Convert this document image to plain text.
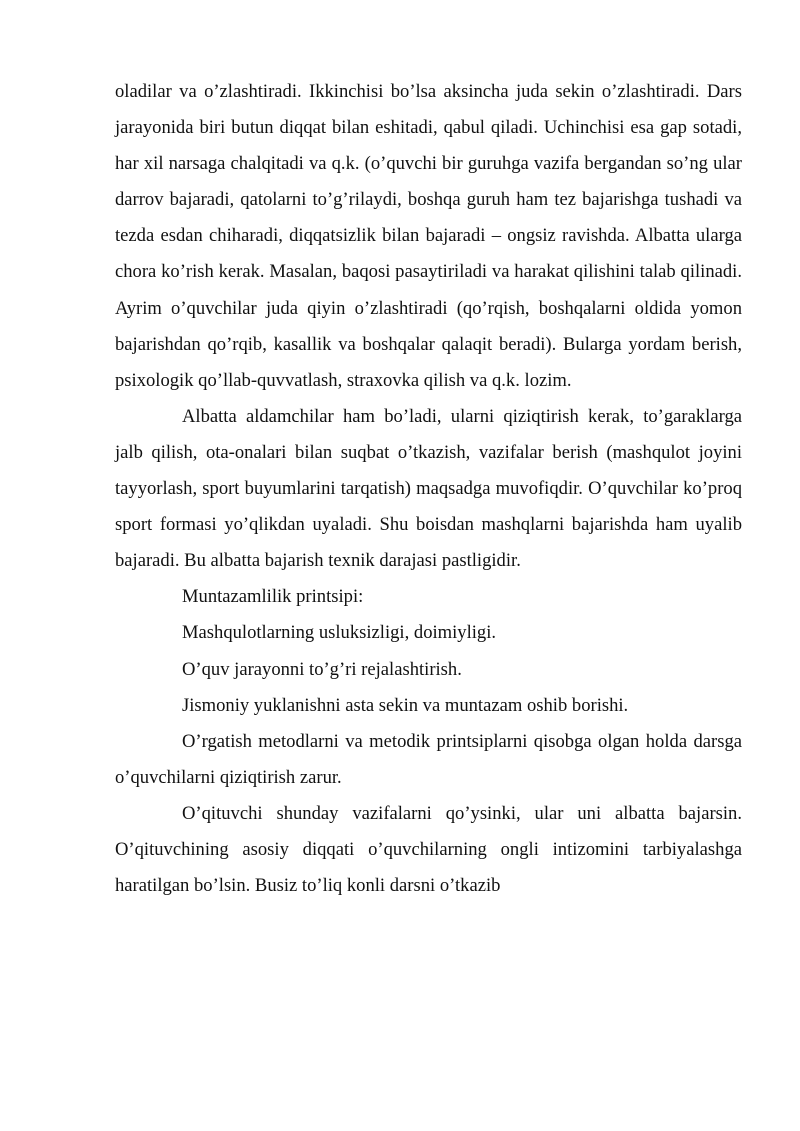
oladilar va o’zlashtiradi. Ikkinchisi bo’lsa aksincha juda sekin o’zlashtiradi. Dars jarayonida biri butun diqqat bilan eshitadi, qabul qiladi. Uchinchisi esa gap sotadi, har xil narsaga chalqitadi va q.k. (o’quvchi bir guruhga vazifa bergandan so’ng ular darrov bajaradi, qatolarni to’g’rilaydi, boshqa guruh ham tez bajarishga tushadi va tezda esdan chiharadi, diqqatsizlik bilan bajaradi – ongsiz ravishda. Albatta ularga chora ko’rish kerak. Masalan, baqosi pasaytiriladi va harakat qilishini talab qilinadi. Ayrim o’quvchilar juda qiyin o’zlashtiradi (qo’rqish, boshqalarni oldida yomon bajarishdan qo’rqib, kasallik va boshqalar qalaqit beradi). Bularga yordam berish, psixologik qo’llab-quvvatlash, straxovka qilish va q.k. lozim.

Albatta aldamchilar ham bo’ladi, ularni qiziqtirish kerak, to’garaklarga jalb qilish, ota-onalari bilan suqbat o’tkazish, vazifalar berish (mashqulot joyini tayyorlash, sport buyumlarini tarqatish) maqsadga muvofiqdir. O’quvchilar ko’proq sport formasi yo’qlikdan uyaladi. Shu boisdan mashqlarni bajarishda ham uyalib bajaradi. Bu albatta bajarish texnik darajasi pastligidir.

Muntazamlilik printsipi:

Mashqulotlarning usluksizligi, doimiyligi.

O’quv jarayonni to’g’ri rejalashtirish.

Jismoniy yuklanishni asta sekin va muntazam oshib borishi.

O’rgatish metodlarni va metodik printsiplarni qisobga olgan holda darsga o’quvchilarni qiziqtirish zarur.

O’qituvchi shunday vazifalarni qo’ysinki, ular uni albatta bajarsin. O’qituvchining asosiy diqqati o’quvchilarning ongli intizomini tarbiyalashga haratilgan bo’lsin. Busiz to’liq konli darsni o’tkazib
